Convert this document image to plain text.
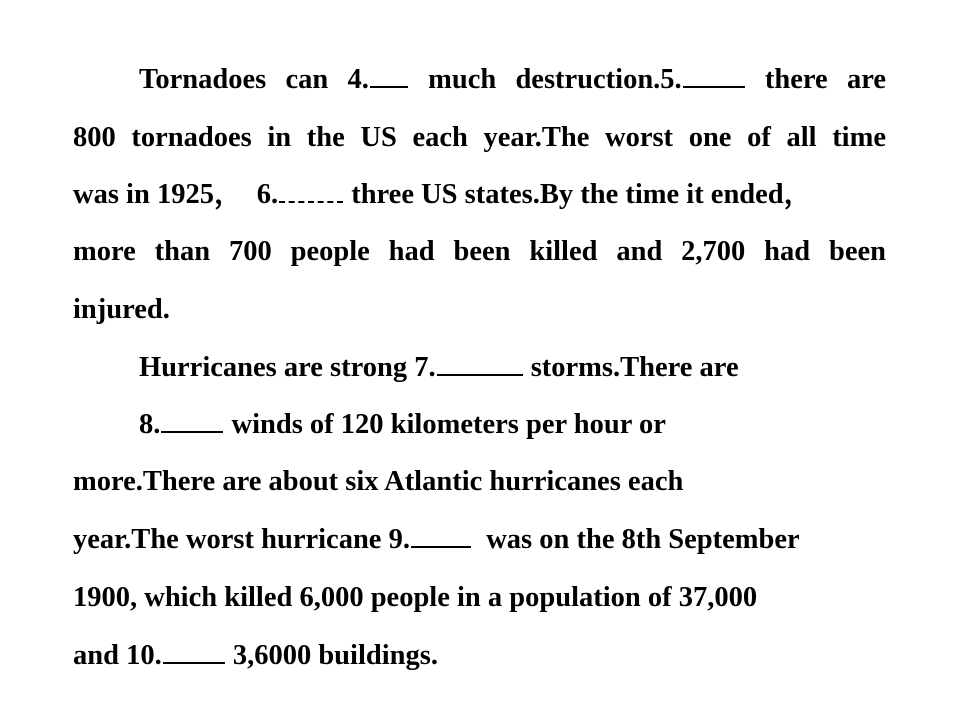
Tornadoes can 4. much destruction.5. there are
800 tornadoes in the US each year.The worst one of all time
was in 1925，  6. three US states.By the time it ended，
more than 700 people had been killed and 2,700 had been
injured.
Hurricanes are strong 7.	storms.There are
8. winds of 120 kilometers per hour or
more.There are about six Atlantic hurricanes each
year.The worst hurricane 9.  was on the 8th September
1900, which killed 6,000 people in a population of 37,000
and 10. 3,6000 buildings.
